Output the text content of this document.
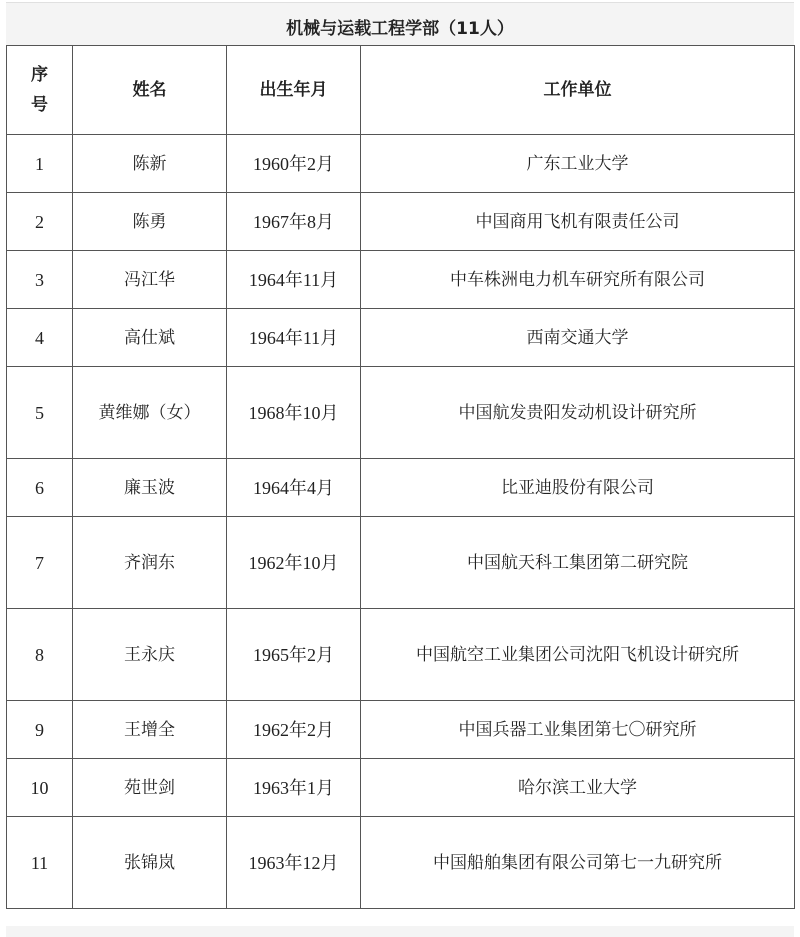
机械与运载工程学部（11人）
序
号	姓名	出生年月	工作单位
1	陈新	1960年2月	广东工业大学
2	陈勇	1967年8月	中国商用飞机有限责任公司
3	冯江华	1964年11月	中车株洲电力机车研究所有限公司
4	高仕斌	1964年11月	西南交通大学
5	黄维娜（女）	1968年10月	中国航发贵阳发动机设计研究所
6	廉玉波	1964年4月	比亚迪股份有限公司
7	齐润东	1962年10月	中国航天科工集团第二研究院
8	王永庆	1965年2月	中国航空工业集团公司沈阳飞机设计研究所
9	王增全	1962年2月	中国兵器工业集团第七〇研究所
10	苑世剑	1963年1月	哈尔滨工业大学
11	张锦岚	1963年12月	中国船舶集团有限公司第七一九研究所
